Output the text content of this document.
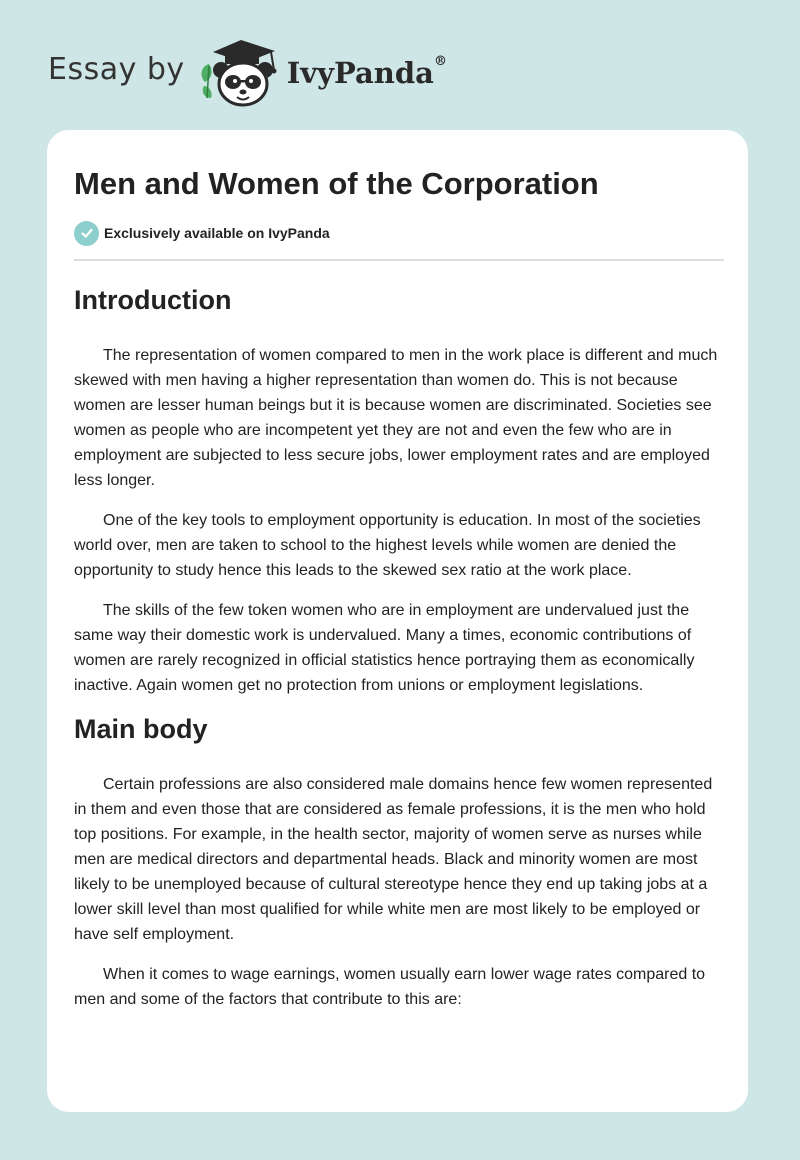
Essay by	IvyPanda®
Men and Women of the Corporation
Exclusively available on IvyPanda
Introduction

The representation of women compared to men in the work place is different and much skewed with men having a higher representation than women do. This is not because women are lesser human beings but it is because women are discriminated. Societies see women as people who are incompetent yet they are not and even the few who are in employment are subjected to less secure jobs, lower employment rates and are employed less longer.

One of the key tools to employment opportunity is education. In most of the societies world over, men are taken to school to the highest levels while women are denied the opportunity to study hence this leads to the skewed sex ratio at the work place.

The skills of the few token women who are in employment are undervalued just the same way their domestic work is undervalued. Many a times, economic contributions of women are rarely recognized in official statistics hence portraying them as economically inactive. Again women get no protection from unions or employment legislations.

Main body

Certain professions are also considered male domains hence few women represented in them and even those that are considered as female professions, it is the men who hold top positions. For example, in the health sector, majority of women serve as nurses while men are medical directors and departmental heads. Black and minority women are most likely to be unemployed because of cultural stereotype hence they end up taking jobs at a lower skill level than most qualified for while white men are most likely to be employed or have self employment.

When it comes to wage earnings, women usually earn lower wage rates compared to men and some of the factors that contribute to this are:
